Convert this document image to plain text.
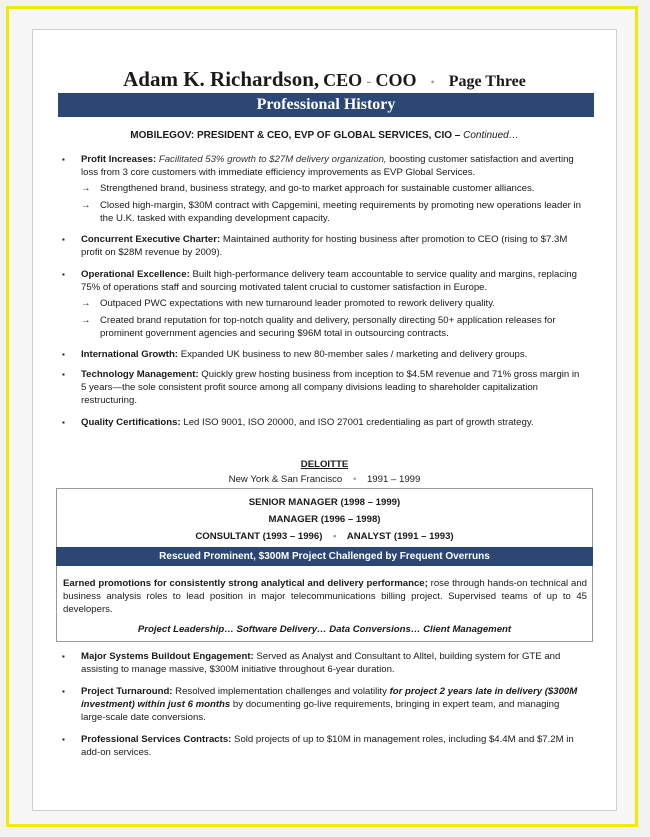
Adam K. Richardson, CEO - COO • Page Three
Professional History
MOBILEGOV: PRESIDENT & CEO, EVP OF GLOBAL SERVICES, CIO – Continued…
▪ Profit Increases: Facilitated 53% growth to $27M delivery organization, boosting customer satisfaction and averting loss from 3 core customers with immediate efficiency improvements as EVP Global Services.
→ Strengthened brand, business strategy, and go-to market approach for sustainable customer alliances.
→ Closed high-margin, $30M contract with Capgemini, meeting requirements by promoting new operations leader in the U.K. tasked with expanding development capacity.
▪ Concurrent Executive Charter: Maintained authority for hosting business after promotion to CEO (rising to $7.3M profit on $28M revenue by 2009).
▪ Operational Excellence: Built high-performance delivery team accountable to service quality and margins, replacing 75% of operations staff and sourcing motivated talent crucial to customer satisfaction in Europe.
→ Outpaced PWC expectations with new turnaround leader promoted to rework delivery quality.
→ Created brand reputation for top-notch quality and delivery, personally directing 50+ application releases for prominent government agencies and securing $96M total in outsourcing contracts.
▪ International Growth: Expanded UK business to new 80-member sales / marketing and delivery groups.
▪ Technology Management: Quickly grew hosting business from inception to $4.5M revenue and 71% gross margin in 5 years—the sole consistent profit source among all company divisions leading to shareholder capitalization restructuring.
▪ Quality Certifications: Led ISO 9001, ISO 20000, and ISO 27001 credentialing as part of growth strategy.
DELOITTE
New York & San Francisco • 1991 – 1999
SENIOR MANAGER (1998 – 1999)
MANAGER (1996 – 1998)
CONSULTANT (1993 – 1996) • ANALYST (1991 – 1993)
Rescued Prominent, $300M Project Challenged by Frequent Overruns
Earned promotions for consistently strong analytical and delivery performance; rose through hands-on technical and business analysis roles to lead position in major telecommunications billing project. Supervised teams of up to 45 developers.
Project Leadership… Software Delivery… Data Conversions… Client Management
▪ Major Systems Buildout Engagement: Served as Analyst and Consultant to Alltel, building system for GTE and assisting to manage massive, $300M initiative throughout 6-year duration.
▪ Project Turnaround: Resolved implementation challenges and volatility for project 2 years late in delivery ($300M investment) within just 6 months by documenting go-live requirements, bringing in expert team, and managing large-scale date conversions.
▪ Professional Services Contracts: Sold projects of up to $10M in management roles, including $4.4M and $7.2M in add-on services.
